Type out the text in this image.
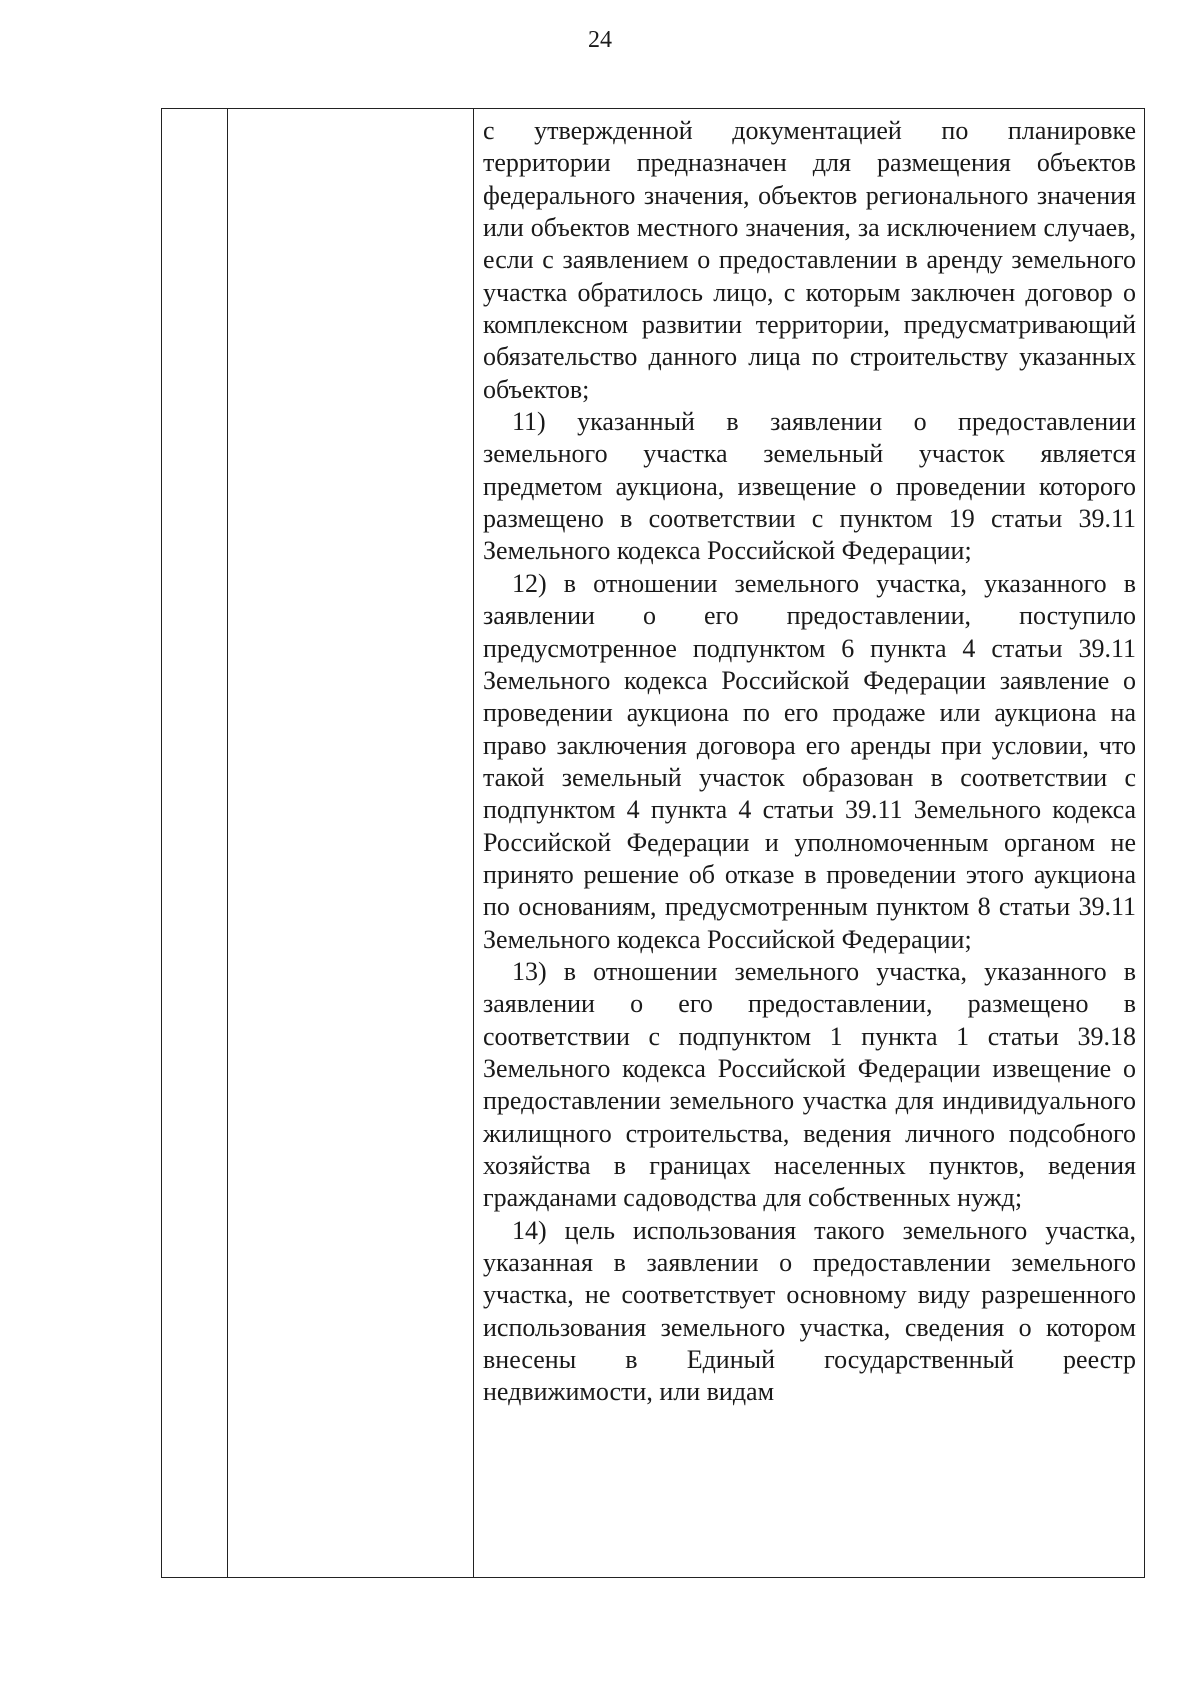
24

с утвержденной документацией по планировке территории предназначен для размещения объектов федерального значения, объектов регионального значения или объектов местного значения, за исключением случаев, если с заявлением о предоставлении в аренду земельного участка обратилось лицо, с которым заключен договор о комплексном развитии территории, предусматривающий обязательство данного лица по строительству указанных объектов;

11) указанный в заявлении о предоставлении земельного участка земельный участок является предметом аукциона, извещение о проведении которого размещено в соответствии с пунктом 19 статьи 39.11 Земельного кодекса Российской Федерации;

12) в отношении земельного участка, указанного в заявлении о его предоставлении, поступило предусмотренное подпунктом 6 пункта 4 статьи 39.11 Земельного кодекса Российской Федерации заявление о проведении аукциона по его продаже или аукциона на право заключения договора его аренды при условии, что такой земельный участок образован в соответствии с подпунктом 4 пункта 4 статьи 39.11 Земельного кодекса Российской Федерации и уполномоченным органом не принято решение об отказе в проведении этого аукциона по основаниям, предусмотренным пунктом 8 статьи 39.11 Земельного кодекса Российской Федерации;

13) в отношении земельного участка, указанного в заявлении о его предоставлении, размещено в соответствии с подпунктом 1 пункта 1 статьи 39.18 Земельного кодекса Российской Федерации извещение о предоставлении земельного участка для индивидуального жилищного строительства, ведения личного подсобного хозяйства в границах населенных пунктов, ведения гражданами садоводства для собственных нужд;

14) цель использования такого земельного участка, указанная в заявлении о предоставлении земельного участка, не соответствует основному виду разрешенного использования земельного участка, сведения о котором внесены в Единый государственный реестр недвижимости, или видам
